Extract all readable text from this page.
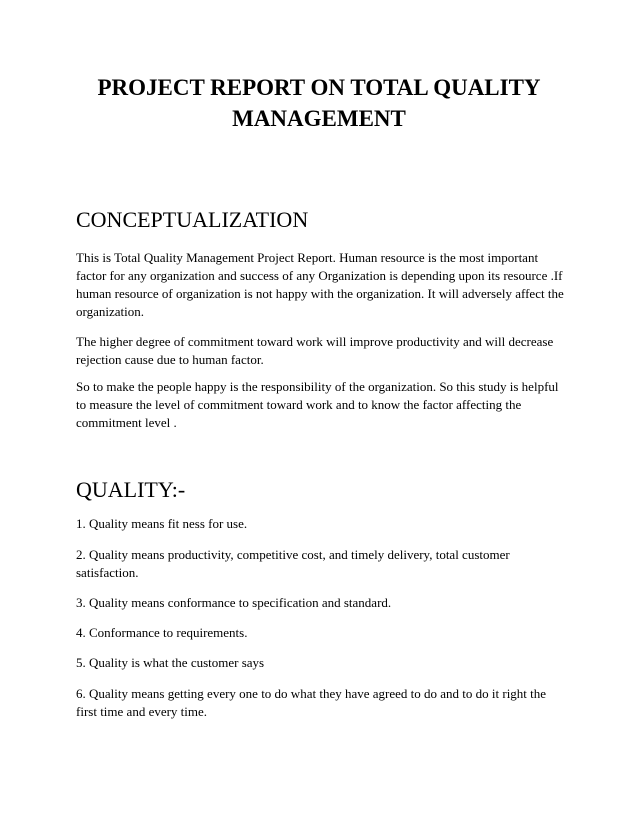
PROJECT REPORT ON TOTAL QUALITY MANAGEMENT
CONCEPTUALIZATION

This is Total Quality Management Project Report. Human resource is the most important factor for any organization and success of any Organization is depending upon its resource .If human resource of organization is not happy with the organization. It will adversely affect the organization.

The higher degree of commitment toward work will improve productivity and will decrease rejection cause due to human factor.

So to make the people happy is the responsibility of the organization. So this study is helpful to measure the level of commitment toward work and to know the factor affecting the commitment level .

QUALITY:-

1. Quality means fit ness for use.

2. Quality means productivity, competitive cost, and timely delivery, total customer satisfaction.

3. Quality means conformance to specification and standard.

4. Conformance to requirements.

5. Quality is what the customer says

6. Quality means getting every one to do what they have agreed to do and to do it right the first time and every time.
